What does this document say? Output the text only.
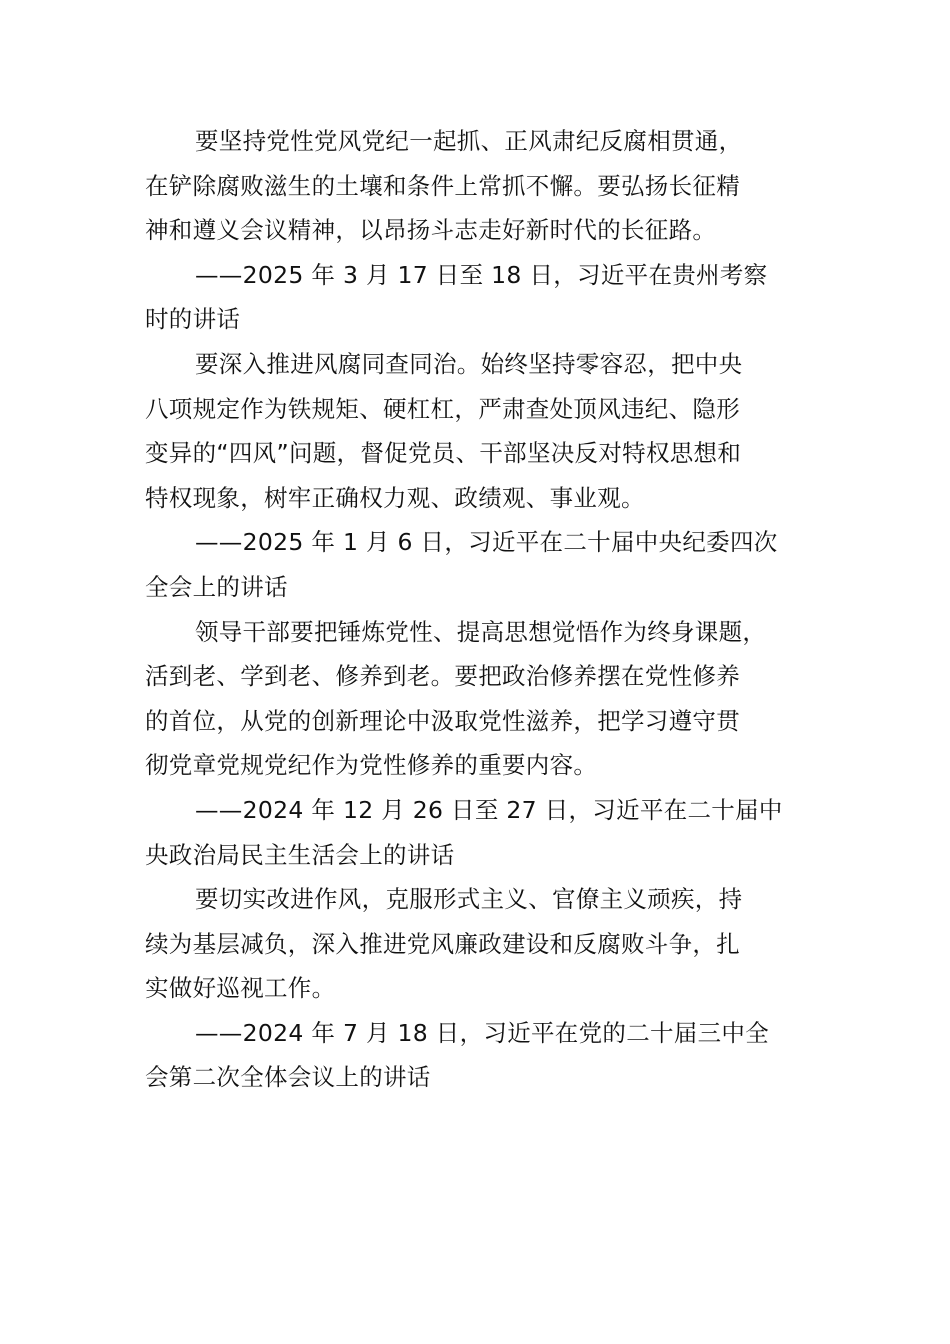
要坚持党性党风党纪一起抓、正风肃纪反腐相贯通，
在铲除腐败滋生的土壤和条件上常抓不懈。要弘扬长征精
神和遵义会议精神，以昂扬斗志走好新时代的长征路。
——2025 年 3 月 17 日至 18 日，习近平在贵州考察
时的讲话
要深入推进风腐同查同治。始终坚持零容忍，把中央
八项规定作为铁规矩、硬杠杠，严肃查处顶风违纪、隐形
变异的“四风”问题，督促党员、干部坚决反对特权思想和
特权现象，树牢正确权力观、政绩观、事业观。
——2025 年 1 月 6 日，习近平在二十届中央纪委四次
全会上的讲话
领导干部要把锤炼党性、提高思想觉悟作为终身课题，
活到老、学到老、修养到老。要把政治修养摆在党性修养
的首位，从党的创新理论中汲取党性滋养，把学习遵守贯
彻党章党规党纪作为党性修养的重要内容。
——2024 年 12 月 26 日至 27 日，习近平在二十届中
央政治局民主生活会上的讲话
要切实改进作风，克服形式主义、官僚主义顽疾，持
续为基层减负，深入推进党风廉政建设和反腐败斗争，扎
实做好巡视工作。
——2024 年 7 月 18 日，习近平在党的二十届三中全
会第二次全体会议上的讲话
